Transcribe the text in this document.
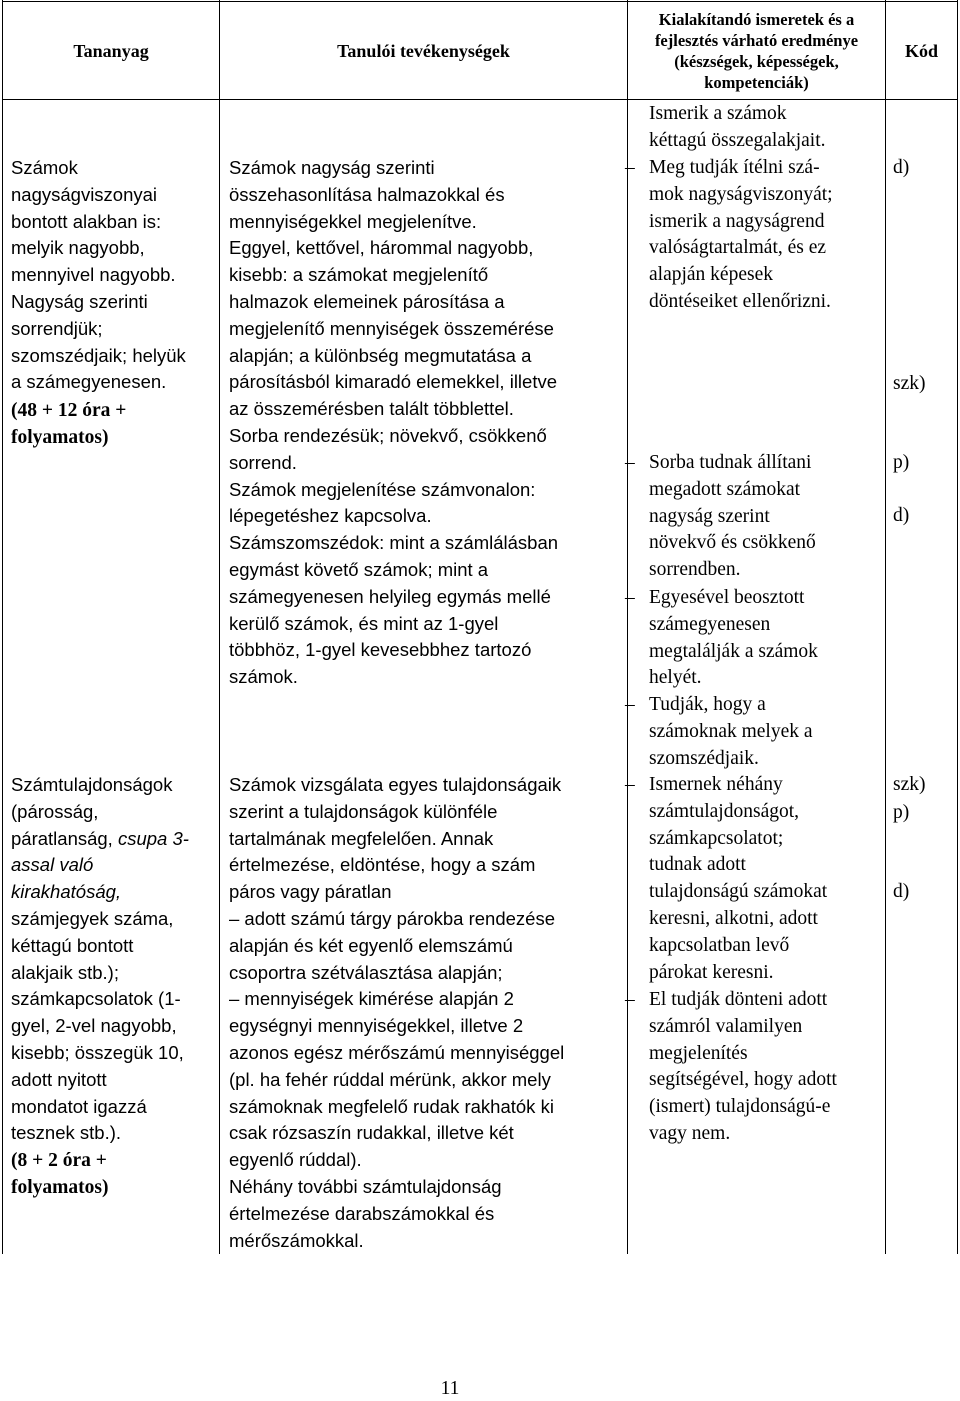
Tananyag	Tanulói tevékenységek
Kialakítandó ismeretek és a
fejlesztés várható eredménye
(készségek, képességek,
kompetenciák)
Kód
Számok
nagyságviszonyai
bontott alakban is:
melyik nagyobb,
mennyivel nagyobb.
Nagyság szerinti
sorrendjük;
szomszédjaik; helyük
a számegyenesen.
(48 + 12 óra +
folyamatos)
Számtulajdonságok
(párosság,
páratlanság, csupa 3-
assal való
kirakhatóság,
számjegyek száma,
kéttagú bontott
alakjaik stb.);
számkapcsolatok (1-
gyel, 2-vel nagyobb,
kisebb; összegük 10,
adott nyitott
mondatot igazzá
tesznek stb.).
(8 + 2 óra +
folyamatos)
Számok nagyság szerinti
összehasonlítása halmazokkal és
mennyiségekkel megjelenítve.
Eggyel, kettővel, hárommal nagyobb,
kisebb: a számokat megjelenítő
halmazok elemeinek párosítása a
megjelenítő mennyiségek összemérése
alapján; a különbség megmutatása a
párosításból kimaradó elemekkel, illetve
az összemérésben talált többlettel.
Sorba rendezésük; növekvő, csökkenő
sorrend.
Számok megjelenítése számvonalon:
lépegetéshez kapcsolva.
Számszomszédok: mint a számlálásban
egymást követő számok; mint a
számegyenesen helyileg egymás mellé
kerülő számok, és mint az 1-gyel
többhöz, 1-gyel kevesebbhez tartozó
számok.
Számok vizsgálata egyes tulajdonságaik
szerint a tulajdonságok különféle
tartalmának megfelelően. Annak
értelmezése, eldöntése, hogy a szám
páros vagy páratlan
– adott számú tárgy párokba rendezése
alapján és két egyenlő elemszámú
csoportra szétválasztása alapján;
– mennyiségek kimérése alapján 2
egységnyi mennyiségekkel, illetve 2
azonos egész mérőszámú mennyiséggel
(pl. ha fehér rúddal mérünk, akkor mely
számoknak megfelelő rudak rakhatók ki
csak rózsaszín rudakkal, illetve két
egyenlő rúddal).
Néhány további számtulajdonság
értelmezése darabszámokkal és
mérőszámokkal.
Ismerik a számok
kéttagú összegalakjait.
– Meg tudják ítélni szá-
mok nagyságviszonyát;
ismerik a nagyságrend
valóságtartalmát, és ez
alapján képesek
döntéseiket ellenőrizni.
– Sorba tudnak állítani
megadott számokat
nagyság szerint
növekvő és csökkenő
sorrendben.
– Egyesével beosztott
számegyenesen
megtalálják a számok
helyét.
– Tudják, hogy a
számoknak melyek a
szomszédjaik.
– Ismernek néhány
számtulajdonságot,
számkapcsolatot;
tudnak adott
tulajdonságú számokat
keresni, alkotni, adott
kapcsolatban levő
párokat keresni.
– El tudják dönteni adott
számról valamilyen
megjelenítés
segítségével, hogy adott
(ismert) tulajdonságú-e
vagy nem.
d)
szk)
p)
d)
szk)
p)
d)
11
